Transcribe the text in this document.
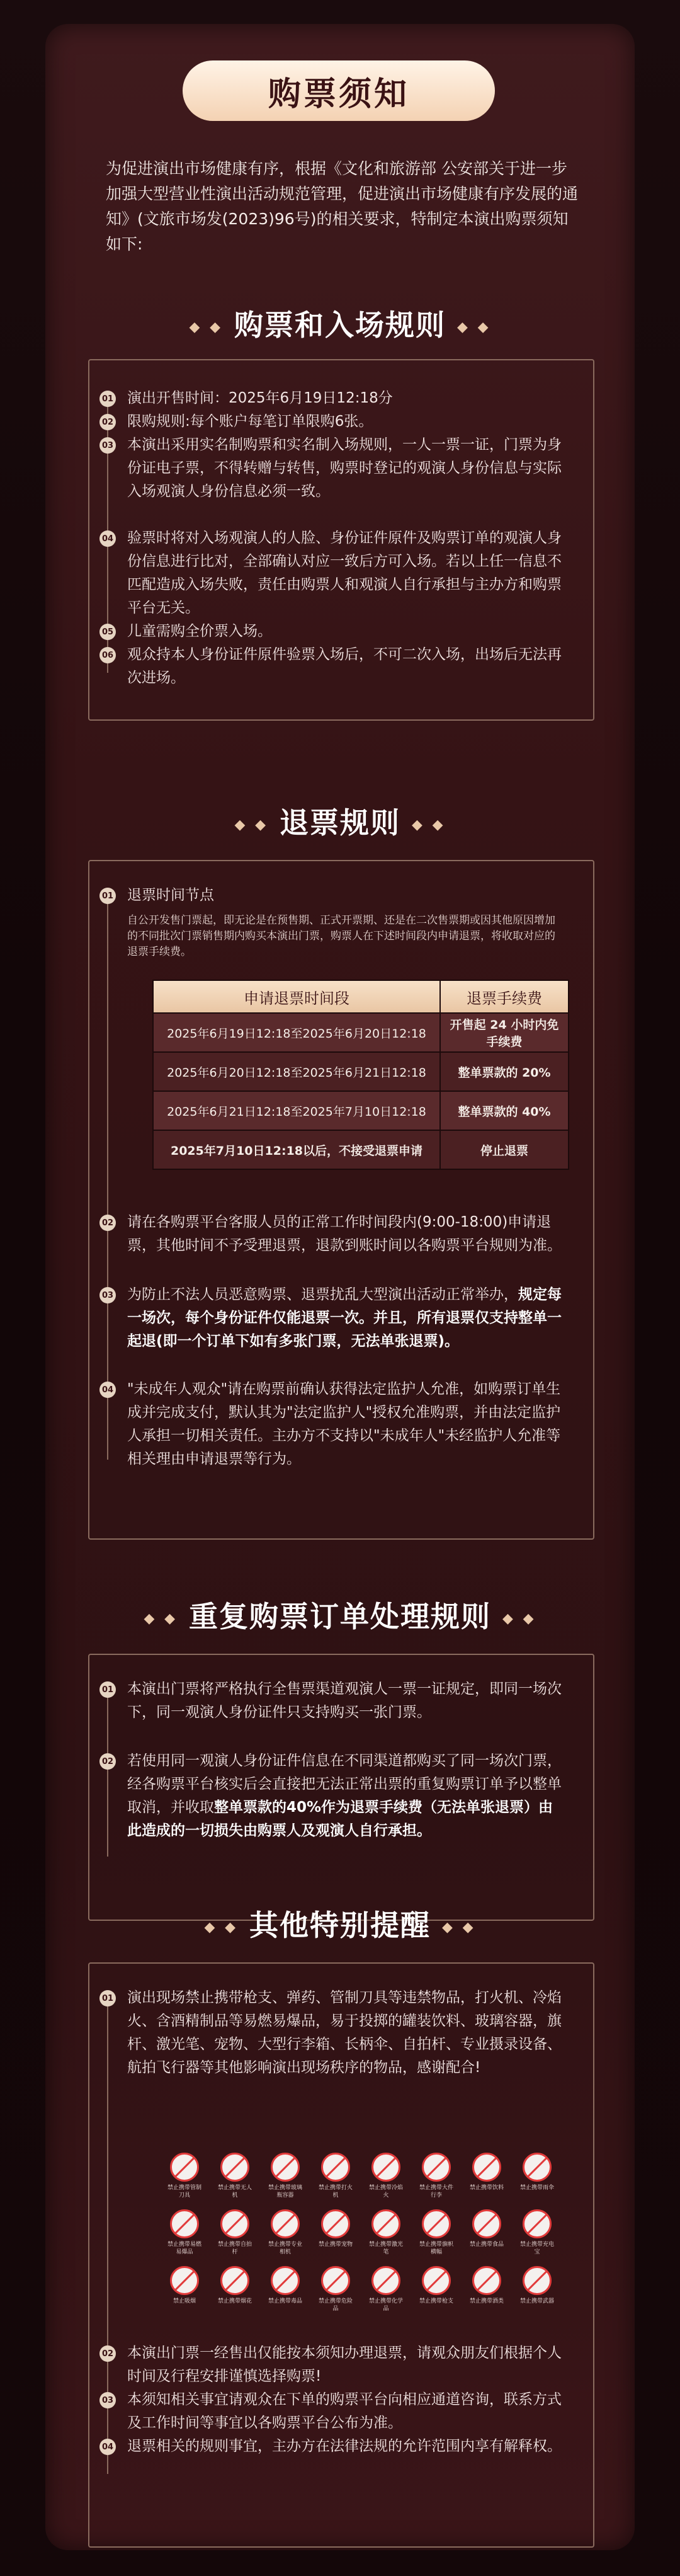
购票须知
为促进演出市场健康有序，根据《文化和旅游部 公安部关于进一步加强大型营业性演出活动规范管理，促进演出市场健康有序发展的通知》(文旅市场发(2023)96号)的相关要求，特制定本演出购票须知如下:
◆ ◆ 购票和入场规则 ◆ ◆
01 演出开售时间：2025年6月19日12:18分
02 限购规则:每个账户每笔订单限购6张。
03 本演出采用实名制购票和实名制入场规则，一人一票一证，门票为身份证电子票，不得转赠与转售，购票时登记的观演人身份信息与实际入场观演人身份信息必须一致。
04 验票时将对入场观演人的人脸、身份证件原件及购票订单的观演人身份信息进行比对，全部确认对应一致后方可入场。若以上任一信息不匹配造成入场失败，责任由购票人和观演人自行承担与主办方和购票平台无关。
05 儿童需购全价票入场。
06 观众持本人身份证件原件验票入场后，不可二次入场，出场后无法再次进场。
◆ ◆ 退票规则 ◆ ◆
01 退票时间节点
自公开发售门票起，即无论是在预售期、正式开票期、还是在二次售票期或因其他原因增加的不同批次门票销售期内购买本演出门票，购票人在下述时间段内申请退票，将收取对应的退票手续费。
申请退票时间段	退票手续费
2025年6月19日12:18至2025年6月20日12:18	开售起 24 小时内免手续费
2025年6月20日12:18至2025年6月21日12:18	整单票款的 20%
2025年6月21日12:18至2025年7月10日12:18	整单票款的 40%
2025年7月10日12:18以后，不接受退票申请	停止退票
02 请在各购票平台客服人员的正常工作时间段内(9:00-18:00)申请退票，其他时间不予受理退票，退款到账时间以各购票平台规则为准。
03 为防止不法人员恶意购票、退票扰乱大型演出活动正常举办，规定每一场次，每个身份证件仅能退票一次。并且，所有退票仅支持整单一起退(即一个订单下如有多张门票，无法单张退票)。
04 "未成年人观众"请在购票前确认获得法定监护人允准，如购票订单生成并完成支付，默认其为"法定监护人"授权允准购票，并由法定监护人承担一切相关责任。主办方不支持以"未成年人"未经监护人允准等相关理由申请退票等行为。
◆ ◆ 重复购票订单处理规则 ◆ ◆
01 本演出门票将严格执行全售票渠道观演人一票一证规定，即同一场次下，同一观演人身份证件只支持购买一张门票。
02 若使用同一观演人身份证件信息在不同渠道都购买了同一场次门票，经各购票平台核实后会直接把无法正常出票的重复购票订单予以整单取消，并收取整单票款的40%作为退票手续费（无法单张退票）由此造成的一切损失由购票人及观演人自行承担。
◆ ◆ 其他特别提醒 ◆ ◆
01 演出现场禁止携带枪支、弹药、管制刀具等违禁物品，打火机、冷焰火、含酒精制品等易燃易爆品，易于投掷的罐装饮料、玻璃容器，旗杆、激光笔、宠物、大型行李箱、长柄伞、自拍杆、专业摄录设备、航拍飞行器等其他影响演出现场秩序的物品，感谢配合!
禁止携带管制刀具
禁止携带无人机
禁止携带玻璃瓶容器
禁止携带打火机
禁止携带冷焰火
禁止携带大件行李
禁止携带饮料	禁止携带雨伞
禁止携带易燃易爆品
禁止携带自拍杆
禁止携带专业相机
禁止携带宠物	禁止携带激光笔
禁止携带旗帜横幅
禁止携带食品	禁止携带充电宝
禁止吸烟	禁止携带烟花	禁止携带毒品	禁止携带危险品
禁止携带化学品
禁止携带枪支	禁止携带酒类	禁止携带武器
02 本演出门票一经售出仅能按本须知办理退票，请观众朋友们根据个人时间及行程安排谨慎选择购票!
03 本须知相关事宜请观众在下单的购票平台向相应通道咨询，联系方式及工作时间等事宜以各购票平台公布为准。
04 退票相关的规则事宜，主办方在法律法规的允许范围内享有解释权。
